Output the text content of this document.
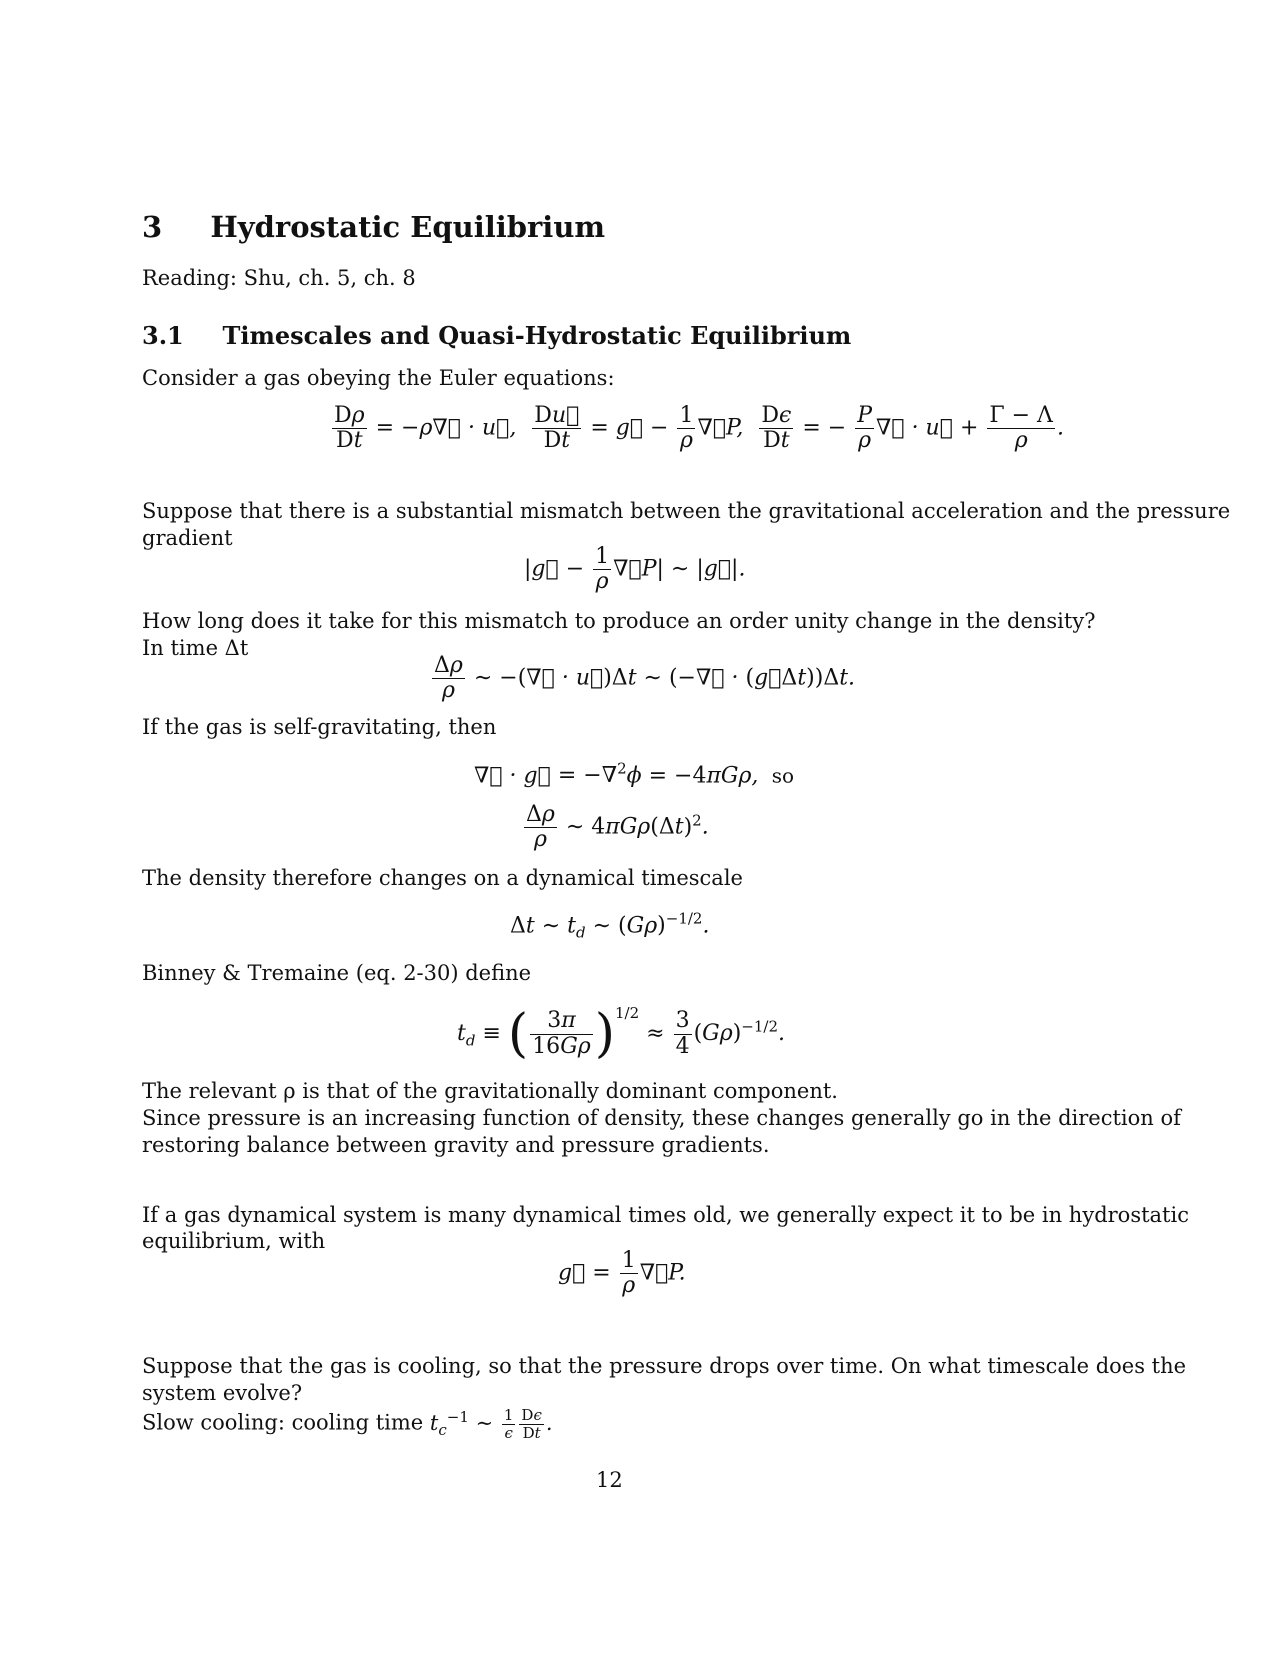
3 Hydrostatic Equilibrium
Reading: Shu, ch. 5, ch. 8
3.1 Timescales and Quasi-Hydrostatic Equilibrium
Consider a gas obeying the Euler equations:
$\frac{D\rho}{Dt}$ = −ρ∇⃗ · u⃗, $\frac{Du⃗}{Dt}$ = g⃗ − $\frac{1}{\rho}$ ∇⃗P, $\frac{D\epsilon}{Dt}$ = − $\frac{P}{\rho}$ ∇⃗ · u⃗ + $\frac{\Gamma - \Lambda}{\rho}$ .
Suppose that there is a substantial mismatch between the gravitational acceleration and the pressure
gradient
|g⃗ − $\frac{1}{\rho}$ ∇⃗P| ∼ |g⃗|.
How long does it take for this mismatch to produce an order unity change in the density?
In time Δt
$\frac{\Delta\rho}{\rho}$ ∼ −(∇⃗ · u⃗)Δt ∼ (−∇⃗ · (g⃗Δt))Δt.
If the gas is self-gravitating, then
∇⃗ · g⃗ = −∇$^2$ϕ = −4πGρ,  so
$\frac{\Delta\rho}{\rho}$ ∼ $4\pi G\rho(\Delta t)^2$.
The density therefore changes on a dynamical timescale
Δt ∼ $t_d$ ∼ $(G\rho)^{-1/2}$.
Binney & Tremaine (eq. 2-30) define
$t_d$ ≡ ( $\frac{3\pi}{16G\rho} )^{1/2} \approx \frac{3}{4} (G\rho)^{-1/2}$.
The relevant ρ is that of the gravitationally dominant component.
Since pressure is an increasing function of density, these changes generally go in the direction of
restoring balance between gravity and pressure gradients.
If a gas dynamical system is many dynamical times old, we generally expect it to be in hydrostatic
equilibrium, with
g⃗ = $\frac{1}{\rho}$ ∇⃗P.
Suppose that the gas is cooling, so that the pressure drops over time. On what timescale does the
system evolve?
Slow cooling: cooling time $t_c^{-1}$ ∼ $\frac{1}{\epsilon} \frac{D\epsilon}{Dt}$ .
12
